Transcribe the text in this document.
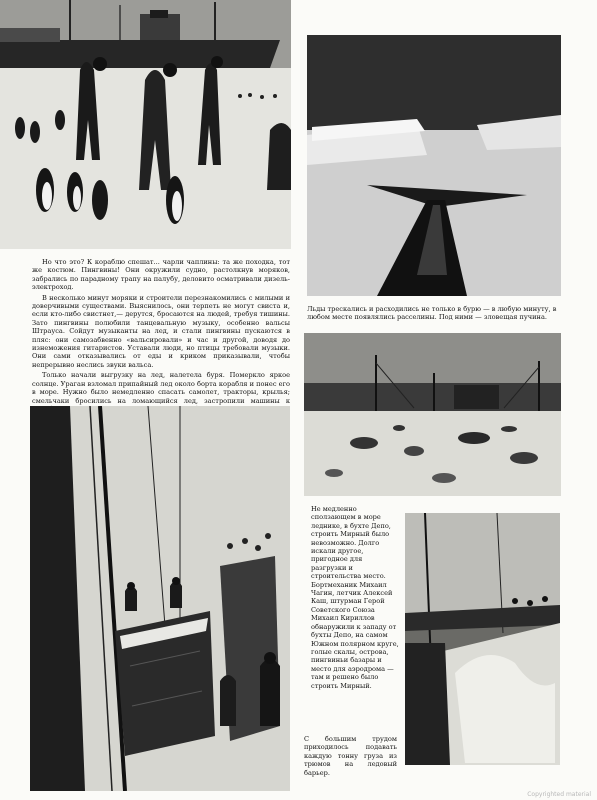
Льды трескались и расходились не только в бурю — в любую минуту, в любом месте появлялись расселины. Под ними — зловещая пучина.

Но что это? К кораблю спешат... чарли чаплины: та же походка, тот же костюм. Пингвины! Они окружили судно, растолкнув моряков, забрались по парадному трапу на палубу, деловито осматривали дизель-электроход.

В несколько минут моряки и строители перезнакомились с милыми и доверчивыми существами. Выяснилось, они терпеть не могут свиста и, если кто-либо свистнет,— дерутся, бросаются на людей, требуя тишины. Зато пингвины полюбили танцевальную музыку, особенно вальсы Штрауса. Сойдут музыканты на лед, и стали пингвины пускаются в пляс: они самозабвенно «вальсировали» и час и другой, доводя до изнеможения гитаристов. Уставали люди, но птицы требовали музыки. Они сами отказывались от еды и криком приказывали, чтобы непрерывно неслись звуки вальса.

Только начали выгрузку на лед, налетела буря. Померкло яркое солнце. Ураган взломал припайный лед около борта корабля и понес его в море. Нужно было немедленно спасать самолет, тракторы, крылья; смельчаки бросились на ломающийся лед, застропили машины к

Не медленно сползающем в море леднике, в бухте Депо, строить Мирный было невозможно. Долго искали другое, пригодное для разгрузки и строительства место. Бортмеханик Михаил Чагин, летчик Алексей Каш, штурман Герой Советского Союза Михаил Кириллов обнаружили к западу от бухты Депо, на самом Южном полярном круге, голые скалы, острова, пингвиньи базары и место для аэродрома — там и решено было строить Мирный.
С большим трудом приходилось подавать каждую тонну груза из трюмов на ледовый барьер.
Copyrighted material
